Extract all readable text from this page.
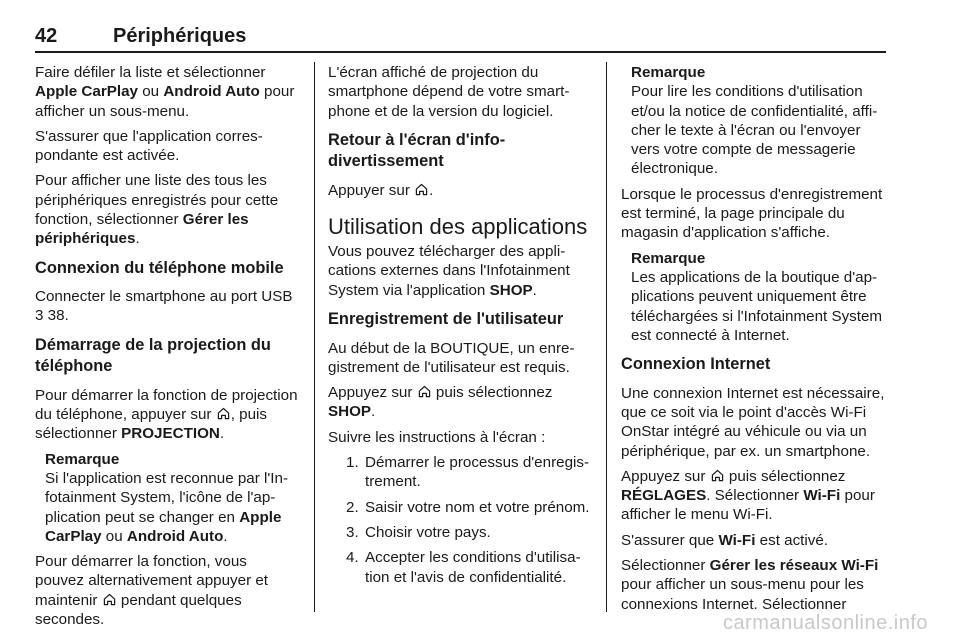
42	Périphériques

Faire défiler la liste et sélectionner Apple CarPlay ou Android Auto pour afficher un sous-menu.

S'assurer que l'application correspondante est activée.

Pour afficher une liste des tous les périphériques enregistrés pour cette fonction, sélectionner Gérer les périphériques.

Connexion du téléphone mobile

Connecter le smartphone au port USB 3 38.

Démarrage de la projection du téléphone

Pour démarrer la fonction de projection du téléphone, appuyer sur , puis sélectionner PROJECTION.

Remarque
Si l'application est reconnue par l'Infotainment System, l'icône de l'application peut se changer en Apple CarPlay ou Android Auto.

Pour démarrer la fonction, vous pouvez alternativement appuyer et maintenir  pendant quelques secondes.

L'écran affiché de projection du smartphone dépend de votre smartphone et de la version du logiciel.

Retour à l'écran d'info-divertissement

Appuyer sur .

Utilisation des applications

Vous pouvez télécharger des applications externes dans l'Infotainment System via l'application SHOP.

Enregistrement de l'utilisateur

Au début de la BOUTIQUE, un enregistrement de l'utilisateur est requis.

Appuyez sur  puis sélectionnez SHOP.

Suivre les instructions à l'écran :

1. Démarrer le processus d'enregistrement.
2. Saisir votre nom et votre prénom.
3. Choisir votre pays.
4. Accepter les conditions d'utilisation et l'avis de confidentialité.
Remarque
Pour lire les conditions d'utilisation et/ou la notice de confidentialité, afficher le texte à l'écran ou l'envoyer vers votre compte de messagerie électronique.

Lorsque le processus d'enregistrement est terminé, la page principale du magasin d'application s'affiche.

Remarque
Les applications de la boutique d'applications peuvent uniquement être téléchargées si l'Infotainment System est connecté à Internet.
Connexion Internet

Une connexion Internet est nécessaire, que ce soit via le point d'accès Wi-Fi OnStar intégré au véhicule ou via un périphérique, par ex. un smartphone.

Appuyez sur  puis sélectionnez RÉGLAGES. Sélectionner Wi-Fi pour afficher le menu Wi-Fi.

S'assurer que Wi-Fi est activé.

Sélectionner Gérer les réseaux Wi-Fi pour afficher un sous-menu pour les connexions Internet. Sélectionner

carmanualsonline.info
